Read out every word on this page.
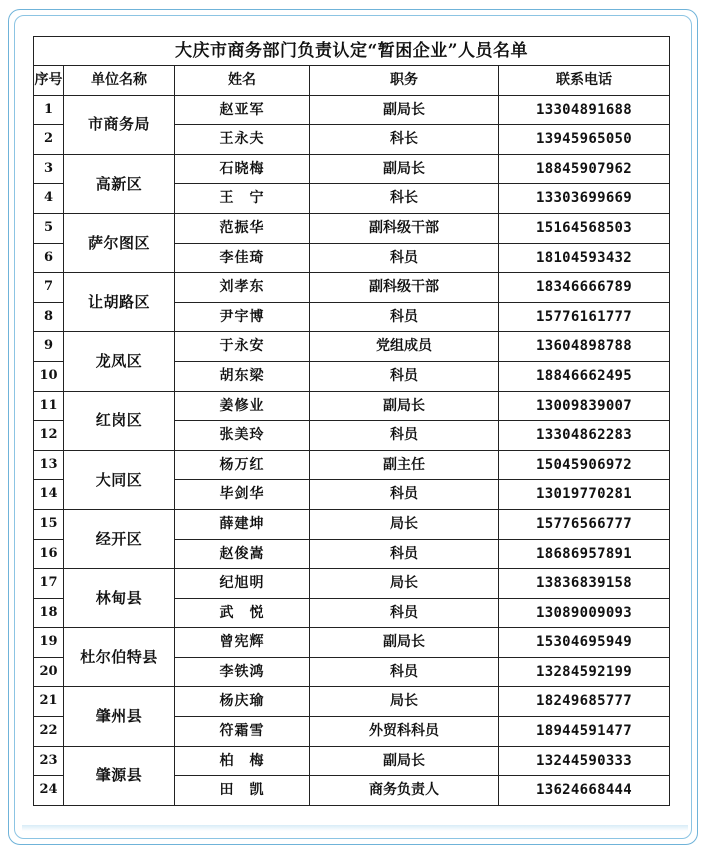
大庆市商务部门负责认定“暂困企业”人员名单				
序号	单位名称	姓名	职务	联系电话
1	市商务局	赵亚军	副局长	13304891688
2		王永夫	科长	13945965050
3	高新区	石晓梅	副局长	18845907962
4		王　宁	科长	13303699669
5	萨尔图区	范振华	副科级干部	15164568503
6		李佳琦	科员	18104593432
7	让胡路区	刘孝东	副科级干部	18346666789
8		尹宇博	科员	15776161777
9	龙凤区	于永安	党组成员	13604898788
10		胡东梁	科员	18846662495
11	红岗区	姜修业	副局长	13009839007
12		张美玲	科员	13304862283
13	大同区	杨万红	副主任	15045906972
14		毕剑华	科员	13019770281
15	经开区	薛建坤	局长	15776566777
16		赵俊嵩	科员	18686957891
17	林甸县	纪旭明	局长	13836839158
18		武　悦	科员	13089009093
19	杜尔伯特县	曾宪辉	副局长	15304695949
20		李铁鸿	科员	13284592199
21	肇州县	杨庆瑜	局长	18249685777
22		符霜雪	外贸科科员	18944591477
23	肇源县	柏　梅	副局长	13244590333
24		田　凯	商务负责人	13624668444
